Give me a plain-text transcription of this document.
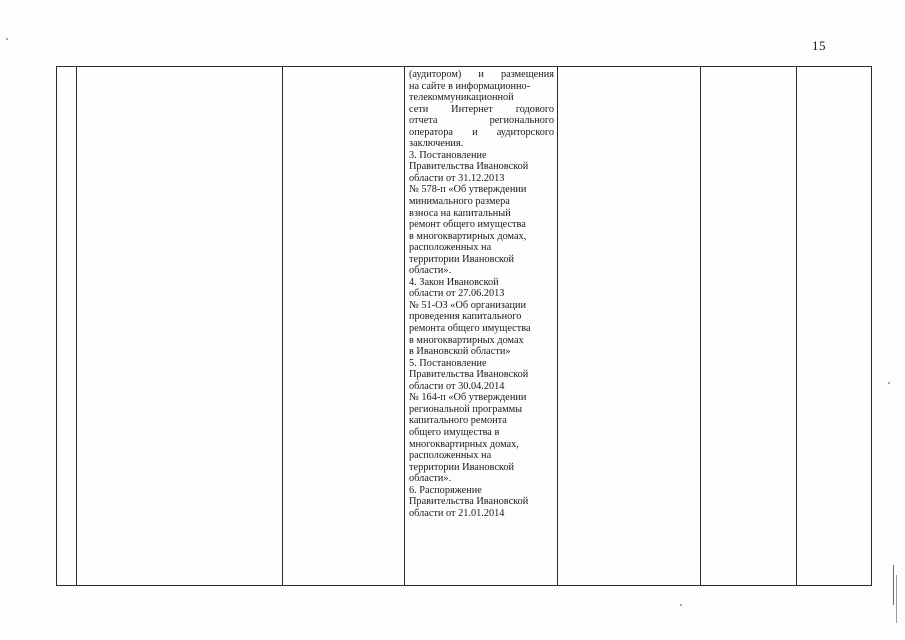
15

(аудитором) и размещения
на сайте в информационно-
телекоммуникационной
сети Интернет годового
отчета регионального
оператора и аудиторского
заключения.
3. Постановление
Правительства Ивановской
области от 31.12.2013
№ 578-п «Об утверждении
минимального размера
взноса на капитальный
ремонт общего имущества
в многоквартирных домах,
расположенных на
территории Ивановской
области».
4. Закон Ивановской
области от 27.06.2013
№ 51-ОЗ «Об организации
проведения капитального
ремонта общего имущества
в многоквартирных домах
в Ивановской области»
5. Постановление
Правительства Ивановской
области от 30.04.2014
№ 164-п «Об утверждении
региональной программы
капитального ремонта
общего имущества в
многоквартирных домах,
расположенных на
территории Ивановской
области».
6. Распоряжение
Правительства Ивановской
области от 21.01.2014
